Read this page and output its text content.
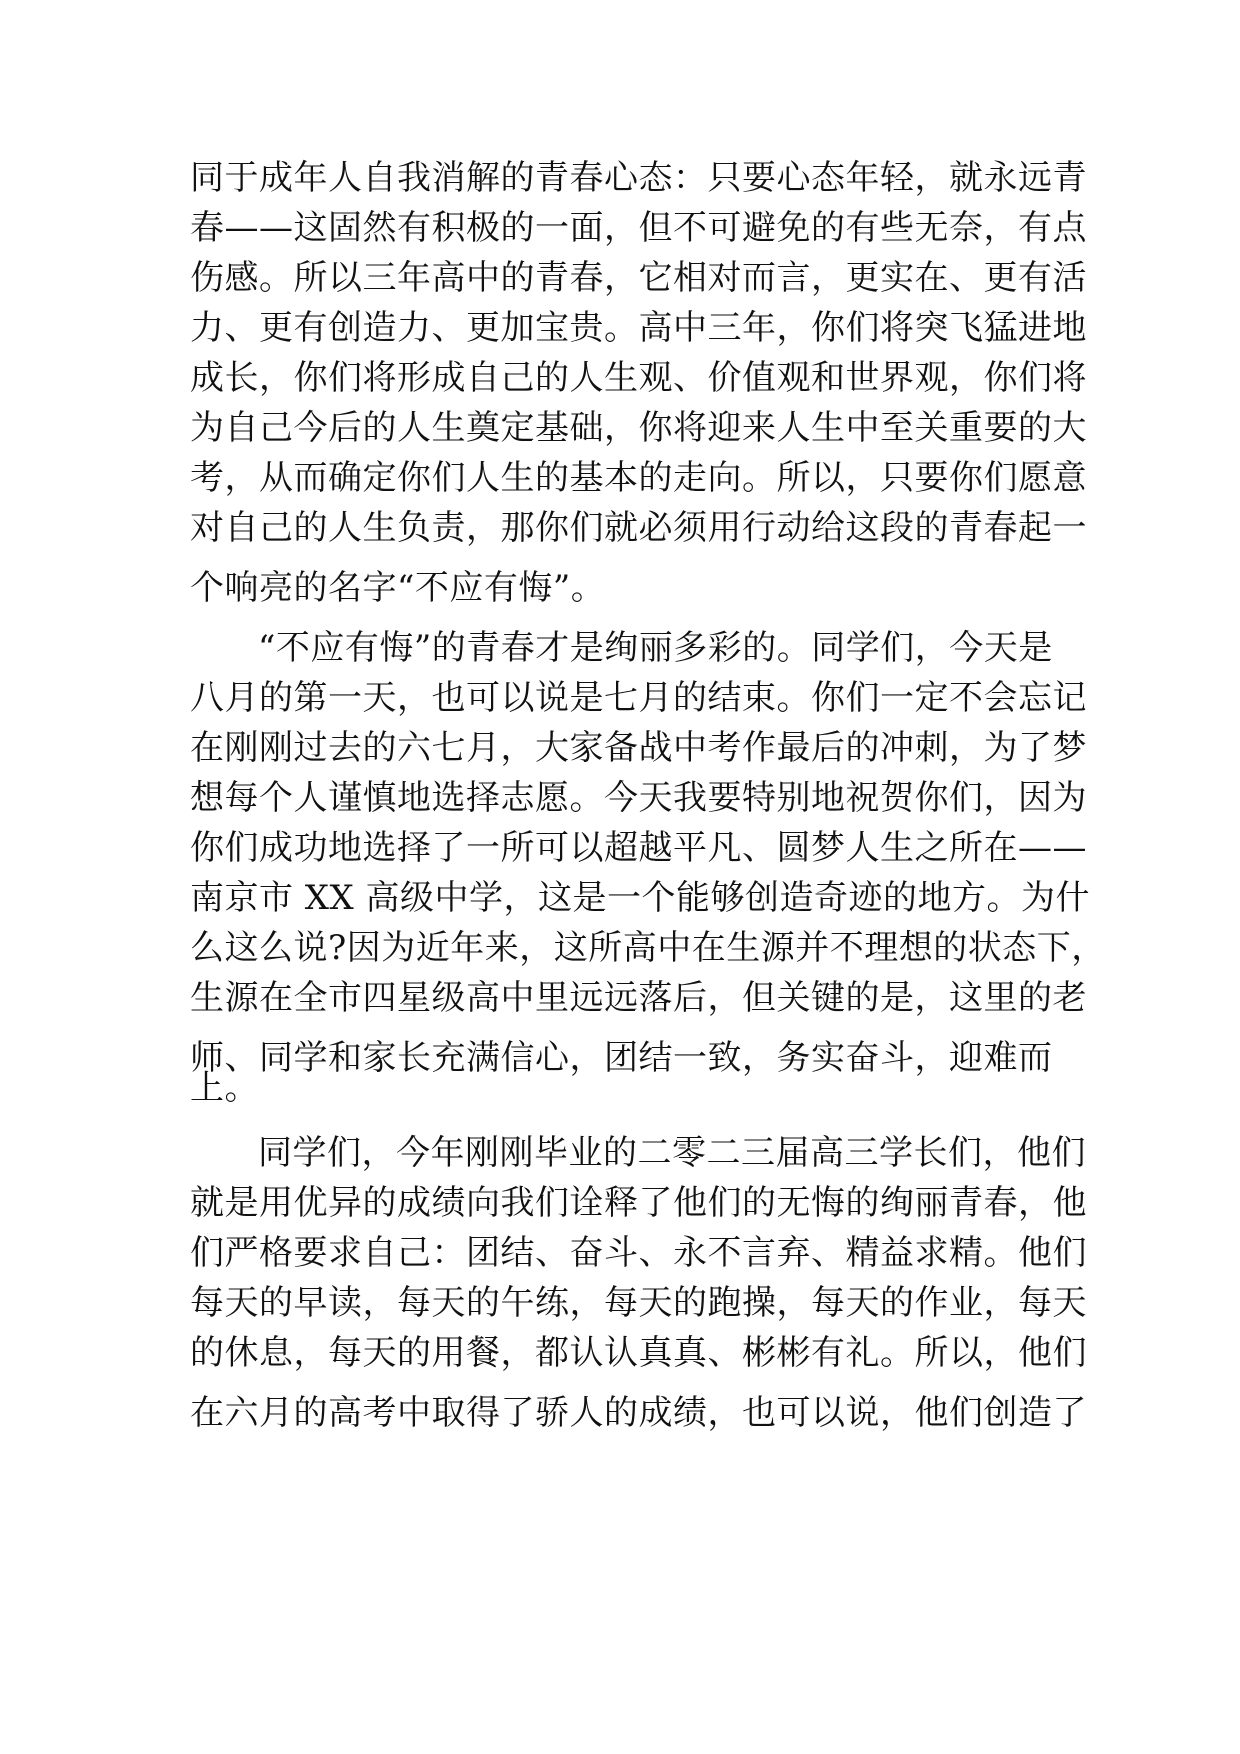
同于成年人自我消解的青春心态：只要心态年轻，就永远青
春——这固然有积极的一面，但不可避免的有些无奈，有点
伤感。所以三年高中的青春，它相对而言，更实在、更有活
力、更有创造力、更加宝贵。高中三年，你们将突飞猛进地
成长，你们将形成自己的人生观、价值观和世界观，你们将
为自己今后的人生奠定基础，你将迎来人生中至关重要的大
考，从而确定你们人生的基本的走向。所以，只要你们愿意
对自己的人生负责，那你们就必须用行动给这段的青春起一
个响亮的名字“不应有悔”。
“不应有悔”的青春才是绚丽多彩的。同学们，今天是
八月的第一天，也可以说是七月的结束。你们一定不会忘记
在刚刚过去的六七月，大家备战中考作最后的冲刺，为了梦
想每个人谨慎地选择志愿。今天我要特别地祝贺你们，因为
你们成功地选择了一所可以超越平凡、圆梦人生之所在——
南京市 XX 高级中学，这是一个能够创造奇迹的地方。为什
么这么说?因为近年来，这所高中在生源并不理想的状态下，
生源在全市四星级高中里远远落后，但关键的是，这里的老
师、同学和家长充满信心，团结一致，务实奋斗，迎难而
上。
同学们，今年刚刚毕业的二零二三届高三学长们，他们
就是用优异的成绩向我们诠释了他们的无悔的绚丽青春，他
们严格要求自己：团结、奋斗、永不言弃、精益求精。他们
每天的早读，每天的午练，每天的跑操，每天的作业，每天
的休息，每天的用餐，都认认真真、彬彬有礼。所以，他们
在六月的高考中取得了骄人的成绩，也可以说，他们创造了
